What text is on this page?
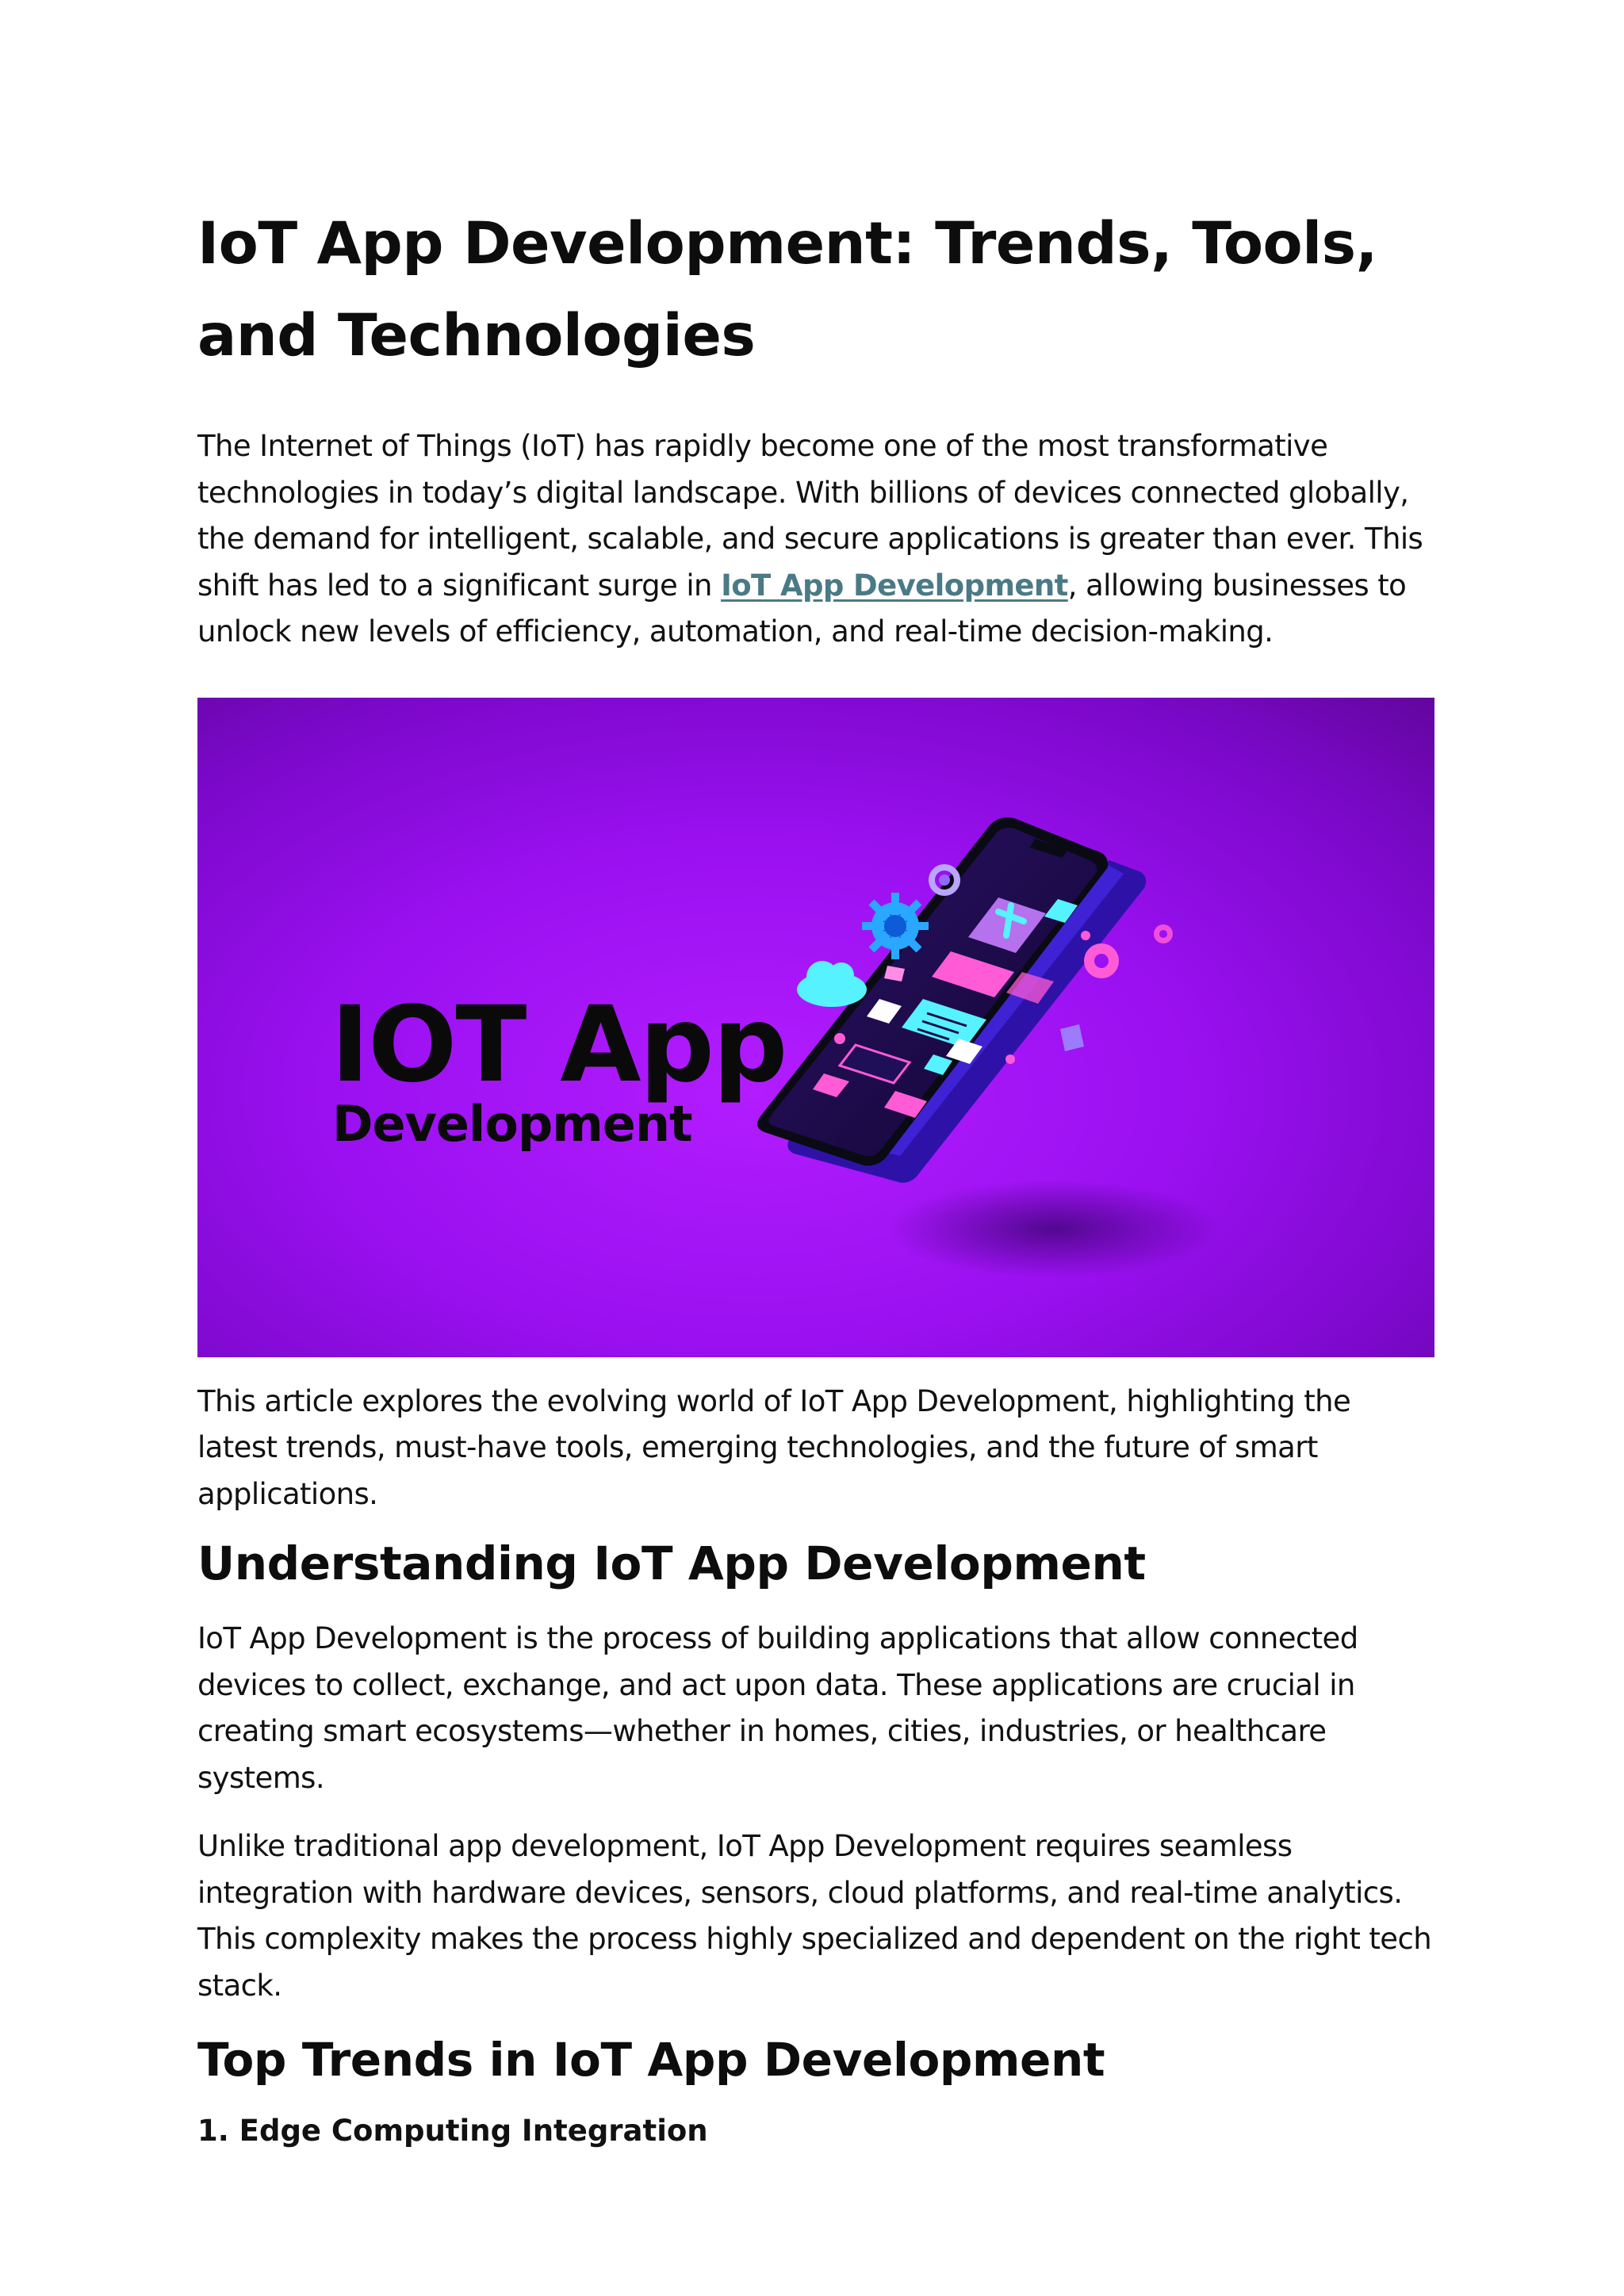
IoT App Development: Trends, Tools, and Technologies

The Internet of Things (IoT) has rapidly become one of the most transformative technologies in today’s digital landscape. With billions of devices connected globally, the demand for intelligent, scalable, and secure applications is greater than ever. This shift has led to a significant surge in IoT App Development, allowing businesses to unlock new levels of efficiency, automation, and real-time decision-making.

IOT App
Development

This article explores the evolving world of IoT App Development, highlighting the latest trends, must-have tools, emerging technologies, and the future of smart applications.

Understanding IoT App Development

IoT App Development is the process of building applications that allow connected devices to collect, exchange, and act upon data. These applications are crucial in creating smart ecosystems—whether in homes, cities, industries, or healthcare systems.

Unlike traditional app development, IoT App Development requires seamless integration with hardware devices, sensors, cloud platforms, and real-time analytics. This complexity makes the process highly specialized and dependent on the right tech stack.

Top Trends in IoT App Development
1. Edge Computing Integration
